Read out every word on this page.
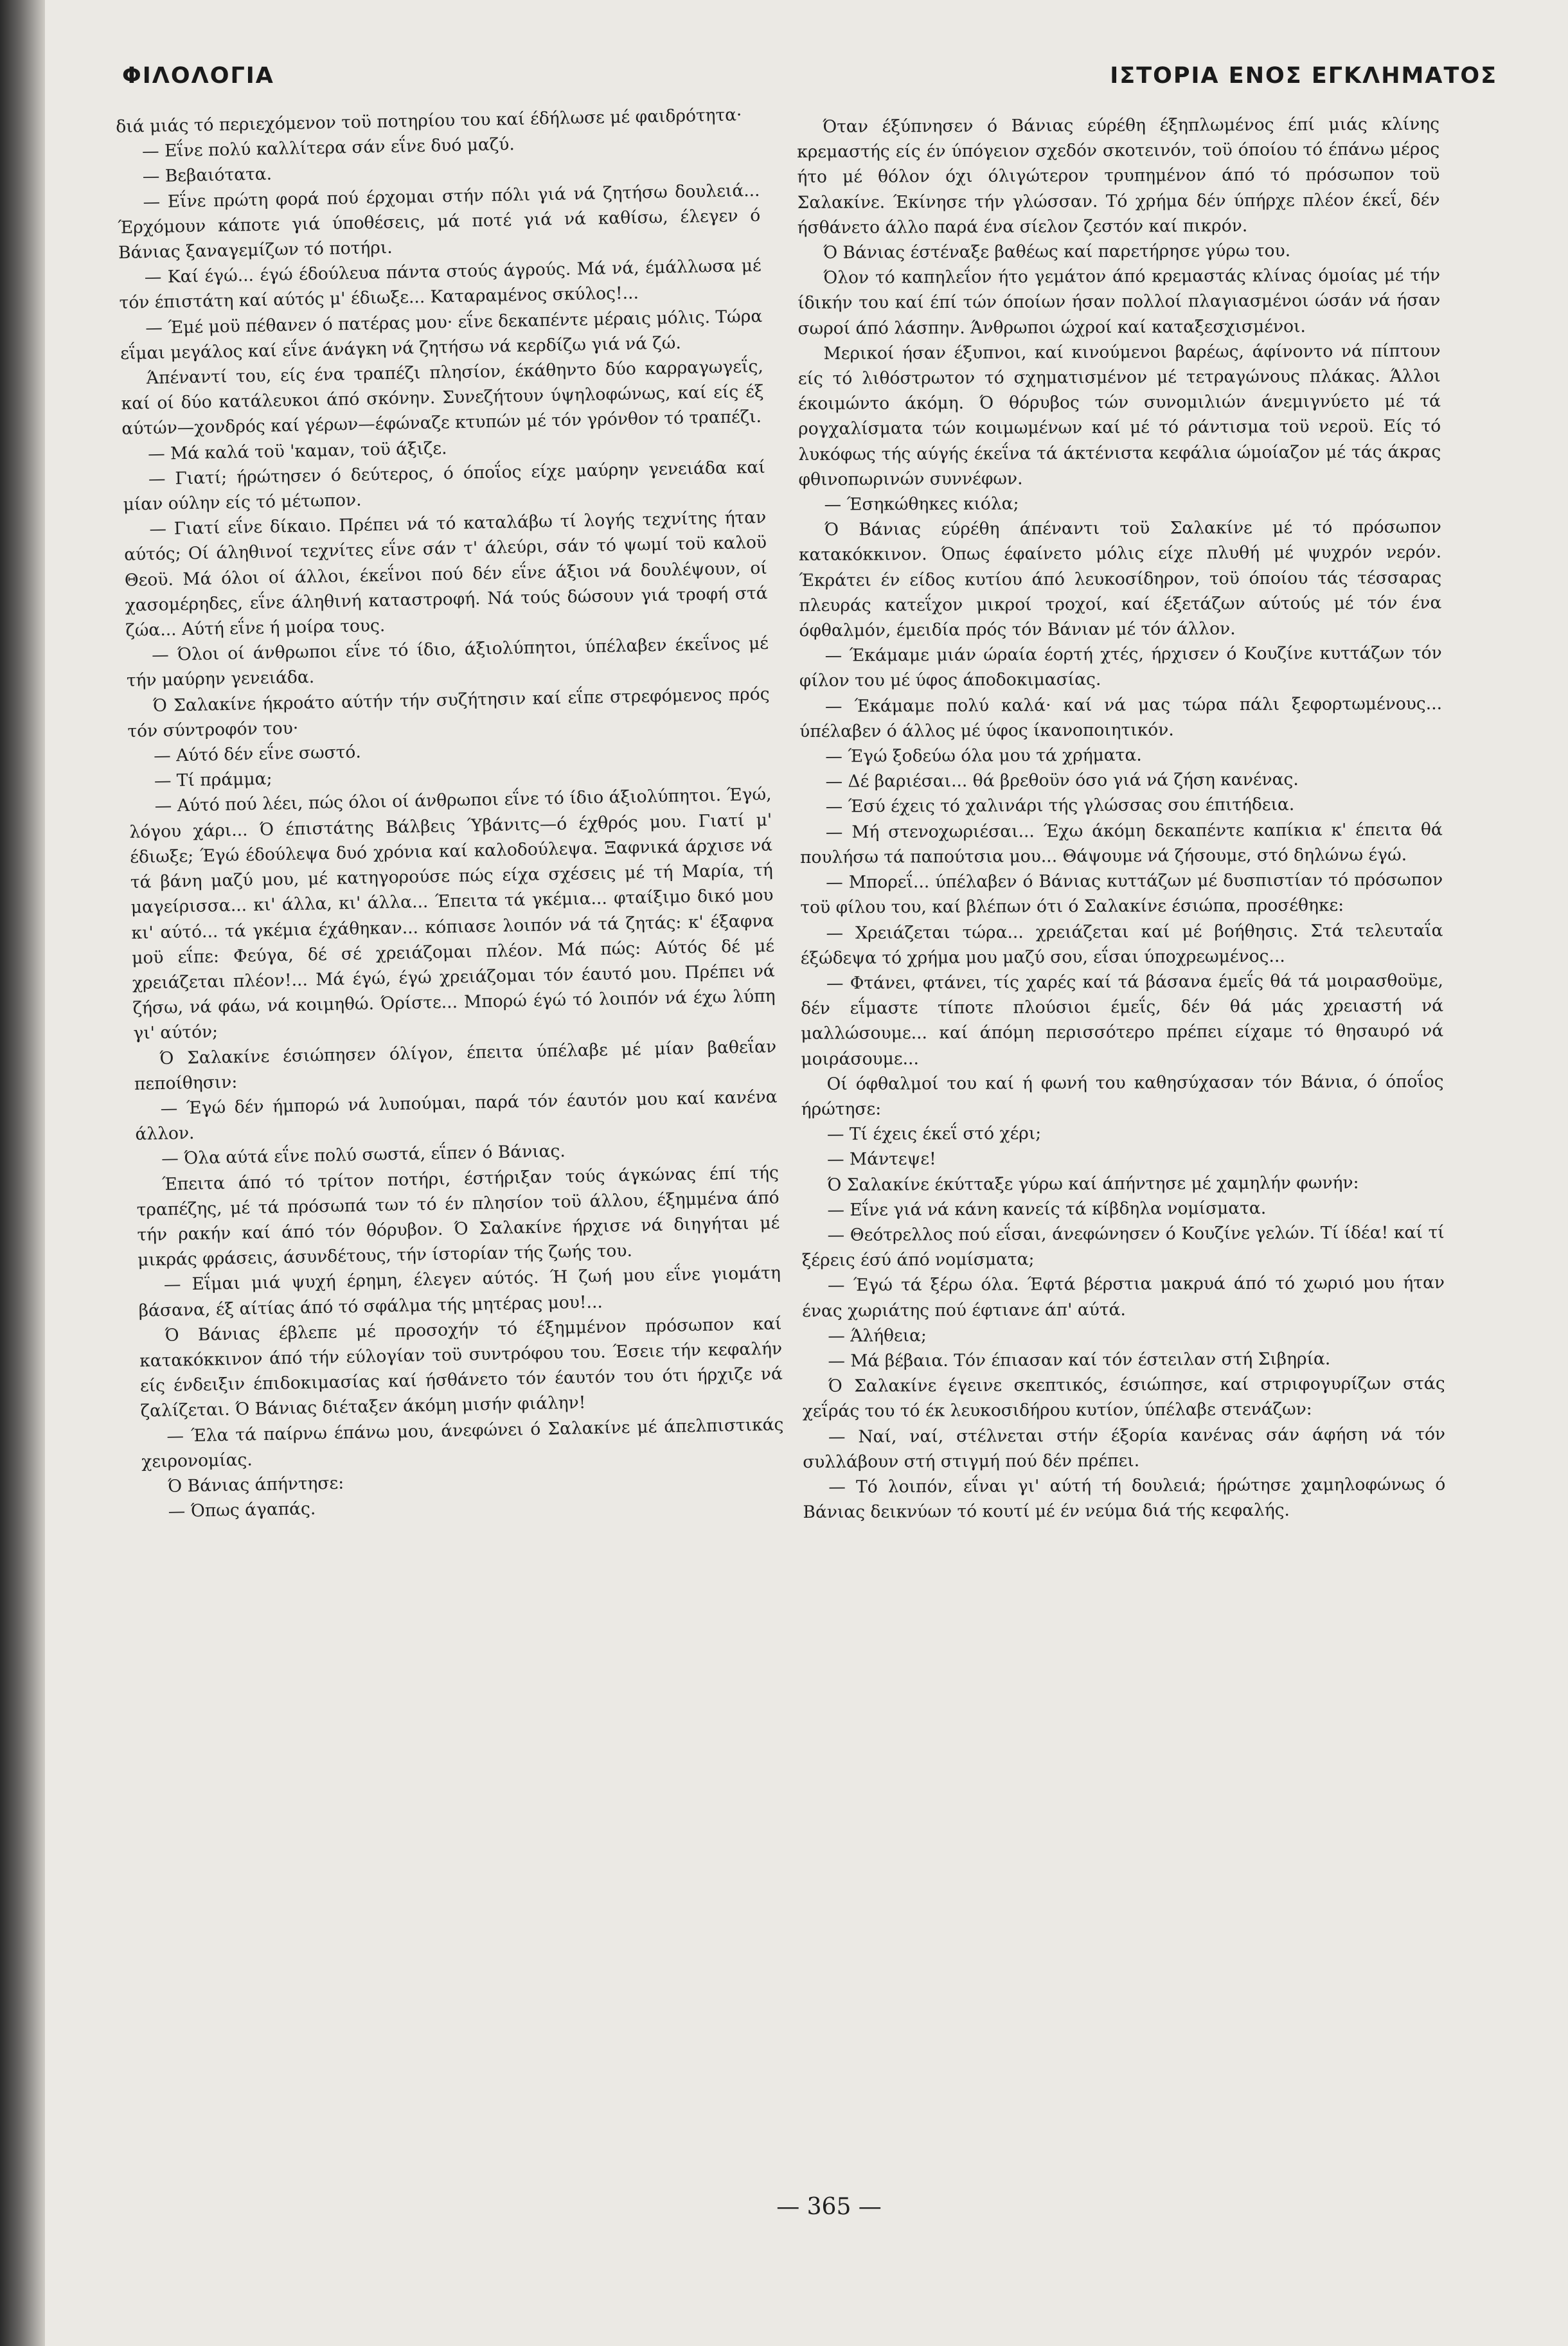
ΦΙΛΟΛΟΓΙΑ	ΙΣΤΟΡΙΑ ΕΝΟΣ ΕΓΚΛΗΜΑΤΟΣ

διά μιάς τό περιεχόμενον τοϋ ποτηρίου του καί έδήλωσε μέ φαιδρότητα·

— Εΐνε πολύ καλλίτερα σάν εΐνε δυό μαζύ.

— Βεβαιότατα.

— Εΐνε πρώτη φορά πού έρχομαι στήν πόλι γιά νά ζητήσω δουλειά... Έρχόμουν κάποτε γιά ύποθέσεις, μά ποτέ γιά νά καθίσω, έλεγεν ό Βάνιας ξαναγεμίζων τό ποτήρι.

— Καί έγώ... έγώ έδούλευα πάντα στούς άγρούς. Μά νά, έμάλλωσα μέ τόν έπιστάτη καί αύτός μ' έδιωξε... Καταραμένος σκύλος!...

— Έμέ μοϋ πέθανεν ό πατέρας μου· εΐνε δεκαπέντε μέραις μόλις. Τώρα εΐμαι μεγάλος καί εΐνε άνάγκη νά ζητήσω νά κερδίζω γιά νά ζώ.

Άπέναντί του, είς ένα τραπέζι πλησίον, έκάθηντο δύο καρραγωγεΐς, καί οί δύο κατάλευκοι άπό σκόνην. Συνεζήτουν ύψηλοφώνως, καί είς έξ αύτών—χονδρός καί γέρων—έφώναζε κτυπών μέ τόν γρόνθον τό τραπέζι.

— Μά καλά τοϋ 'καμαν, τοϋ άξιζε.

— Γιατί; ήρώτησεν ό δεύτερος, ό όποΐος είχε μαύρην γενειάδα καί μίαν ούλην είς τό μέτωπον.

— Γιατί εΐνε δίκαιο. Πρέπει νά τό καταλάβω τί λογής τεχνίτης ήταν αύτός; Οί άληθινοί τεχνίτες εΐνε σάν τ' άλεύρι, σάν τό ψωμί τοϋ καλοϋ Θεοϋ. Μά όλοι οί άλλοι, έκεΐνοι πού δέν εΐνε άξιοι νά δουλέψουν, οί χασομέρηδες, εΐνε άληθινή καταστροφή. Νά τούς δώσουν γιά τροφή στά ζώα... Αύτή εΐνε ή μοίρα τους.

— Όλοι οί άνθρωποι εΐνε τό ίδιο, άξιολύπητοι, ύπέλαβεν έκεΐνος μέ τήν μαύρην γενειάδα.

Ό Σαλακίνε ήκροάτο αύτήν τήν συζήτησιν καί εΐπε στρεφόμενος πρός τόν σύντροφόν του·

— Αύτό δέν εΐνε σωστό.

— Τί πράμμα;

— Αύτό πού λέει, πώς όλοι οί άνθρωποι εΐνε τό ίδιο άξιολύπητοι. Έγώ, λόγου χάρι... Ό έπιστάτης Βάλβεις Ύβάνιτς—ό έχθρός μου. Γιατί μ' έδιωξε; Έγώ έδούλεψα δυό χρόνια καί καλοδούλεψα. Ξαφνικά άρχισε νά τά βάνη μαζύ μου, μέ κατηγορούσε πώς είχα σχέσεις μέ τή Μαρία, τή μαγείρισσα... κι' άλλα, κι' άλλα... Έπειτα τά γκέμια... φταίξιμο δικό μου κι' αύτό... τά γκέμια έχάθηκαν... κόπιασε λοιπόν νά τά ζητάς: κ' έξαφνα μοϋ εΐπε: Φεύγα, δέ σέ χρειάζομαι πλέον. Μά πώς: Αύτός δέ μέ χρειάζεται πλέον!... Μά έγώ, έγώ χρειάζομαι τόν έαυτό μου. Πρέπει νά ζήσω, νά φάω, νά κοιμηθώ. Όρίστε... Μπορώ έγώ τό λοιπόν νά έχω λύπη γι' αύτόν;

Ό Σαλακίνε έσιώπησεν όλίγον, έπειτα ύπέλαβε μέ μίαν βαθεΐαν πεποίθησιν:

— Έγώ δέν ήμπορώ νά λυπούμαι, παρά τόν έαυτόν μου καί κανένα άλλον.

— Όλα αύτά εΐνε πολύ σωστά, εΐπεν ό Βάνιας.

Έπειτα άπό τό τρίτον ποτήρι, έστήριξαν τούς άγκώνας έπί τής τραπέζης, μέ τά πρόσωπά των τό έν πλησίον τοϋ άλλου, έξημμένα άπό τήν ρακήν καί άπό τόν θόρυβον. Ό Σαλακίνε ήρχισε νά διηγήται μέ μικράς φράσεις, άσυνδέτους, τήν ίστορίαν τής ζωής του.

— Εΐμαι μιά ψυχή έρημη, έλεγεν αύτός. Ή ζωή μου εΐνε γιομάτη βάσανα, έξ αίτίας άπό τό σφάλμα τής μητέρας μου!...

Ό Βάνιας έβλεπε μέ προσοχήν τό έξημμένον πρόσωπον καί κατακόκκινον άπό τήν εύλογίαν τοϋ συντρόφου του. Έσειε τήν κεφαλήν είς ένδειξιν έπιδοκιμασίας καί ήσθάνετο τόν έαυτόν του ότι ήρχιζε νά ζαλίζεται. Ό Βάνιας διέταξεν άκόμη μισήν φιάλην!

— Έλα τά παίρνω έπάνω μου, άνεφώνει ό Σαλακίνε μέ άπελπιστικάς χειρονομίας.

Ό Βάνιας άπήντησε:

— Όπως άγαπάς.

Όταν έξύπνησεν ό Βάνιας εύρέθη έξηπλωμένος έπί μιάς κλίνης κρεμαστής είς έν ύπόγειον σχεδόν σκοτεινόν, τοϋ όποίου τό έπάνω μέρος ήτο μέ θόλον όχι όλιγώτερον τρυπημένον άπό τό πρόσωπον τοϋ Σαλακίνε. Έκίνησε τήν γλώσσαν. Τό χρήμα δέν ύπήρχε πλέον έκεΐ, δέν ήσθάνετο άλλο παρά ένα σίελον ζεστόν καί πικρόν.

Ό Βάνιας έστέναξε βαθέως καί παρετήρησε γύρω του.

Όλον τό καπηλεΐον ήτο γεμάτον άπό κρεμαστάς κλίνας όμοίας μέ τήν ίδικήν του καί έπί τών όποίων ήσαν πολλοί πλαγιασμένοι ώσάν νά ήσαν σωροί άπό λάσπην. Άνθρωποι ώχροί καί καταξεσχισμένοι.

Μερικοί ήσαν έξυπνοι, καί κινούμενοι βαρέως, άφίνοντο νά πίπτουν είς τό λιθόστρωτον τό σχηματισμένον μέ τετραγώνους πλάκας. Άλλοι έκοιμώντο άκόμη. Ό θόρυβος τών συνομιλιών άνεμιγνύετο μέ τά ρογχαλίσματα τών κοιμωμένων καί μέ τό ράντισμα τοϋ νεροϋ. Είς τό λυκόφως τής αύγής έκεΐνα τά άκτένιστα κεφάλια ώμοίαζον μέ τάς άκρας φθινοπωρινών συννέφων.

— Έσηκώθηκες κιόλα;

Ό Βάνιας εύρέθη άπέναντι τοϋ Σαλακίνε μέ τό πρόσωπον κατακόκκινον. Όπως έφαίνετο μόλις είχε πλυθή μέ ψυχρόν νερόν. Έκράτει έν είδος κυτίου άπό λευκοσίδηρον, τοϋ όποίου τάς τέσσαρας πλευράς κατεΐχον μικροί τροχοί, καί έξετάζων αύτούς μέ τόν ένα όφθαλμόν, έμειδία πρός τόν Βάνιαν μέ τόν άλλον.

— Έκάμαμε μιάν ώραία έορτή χτές, ήρχισεν ό Κουζίνε κυττάζων τόν φίλον του μέ ύφος άποδοκιμασίας.

— Έκάμαμε πολύ καλά· καί νά μας τώρα πάλι ξεφορτωμένους... ύπέλαβεν ό άλλος μέ ύφος ίκανοποιητικόν.

— Έγώ ξοδεύω όλα μου τά χρήματα.

— Δέ βαριέσαι... θά βρεθοϋν όσο γιά νά ζήση κανένας.

— Έσύ έχεις τό χαλινάρι τής γλώσσας σου έπιτήδεια.

— Μή στενοχωριέσαι... Έχω άκόμη δεκαπέντε καπίκια κ' έπειτα θά πουλήσω τά παπούτσια μου... Θάψουμε νά ζήσουμε, στό δηλώνω έγώ.

— Μπορεΐ... ύπέλαβεν ό Βάνιας κυττάζων μέ δυσπιστίαν τό πρόσωπον τοϋ φίλου του, καί βλέπων ότι ό Σαλακίνε έσιώπα, προσέθηκε:

— Χρειάζεται τώρα... χρειάζεται καί μέ βοήθησις. Στά τελευταΐα έξώδεψα τό χρήμα μου μαζύ σου, εΐσαι ύποχρεωμένος...

— Φτάνει, φτάνει, τίς χαρές καί τά βάσανα έμεΐς θά τά μοιρασθοϋμε, δέν εΐμαστε τίποτε πλούσιοι έμεΐς, δέν θά μάς χρειαστή νά μαλλώσουμε... καί άπόμη περισσότερο πρέπει είχαμε τό θησαυρό νά μοιράσουμε...

Οί όφθαλμοί του καί ή φωνή του καθησύχασαν τόν Βάνια, ό όποΐος ήρώτησε:

— Τί έχεις έκεΐ στό χέρι;

— Μάντεψε!

Ό Σαλακίνε έκύτταξε γύρω καί άπήντησε μέ χαμηλήν φωνήν:

— Εΐνε γιά νά κάνη κανείς τά κίβδηλα νομίσματα.

— Θεότρελλος πού εΐσαι, άνεφώνησεν ό Κουζίνε γελών. Τί ίδέα! καί τί ξέρεις έσύ άπό νομίσματα;

— Έγώ τά ξέρω όλα. Έφτά βέρστια μακρυά άπό τό χωριό μου ήταν ένας χωριάτης πού έφτιανε άπ' αύτά.

— Άλήθεια;

— Μά βέβαια. Τόν έπιασαν καί τόν έστειλαν στή Σιβηρία.

Ό Σαλακίνε έγεινε σκεπτικός, έσιώπησε, καί στριφογυρίζων στάς χεΐράς του τό έκ λευκοσιδήρου κυτίον, ύπέλαβε στενάζων:

— Ναί, ναί, στέλνεται στήν έξορία κανένας σάν άφήση νά τόν συλλάβουν στή στιγμή πού δέν πρέπει.

— Τό λοιπόν, εΐναι γι' αύτή τή δουλειά; ήρώτησε χαμηλοφώνως ό Βάνιας δεικνύων τό κουτί μέ έν νεύμα διά τής κεφαλής.

— 365 —
